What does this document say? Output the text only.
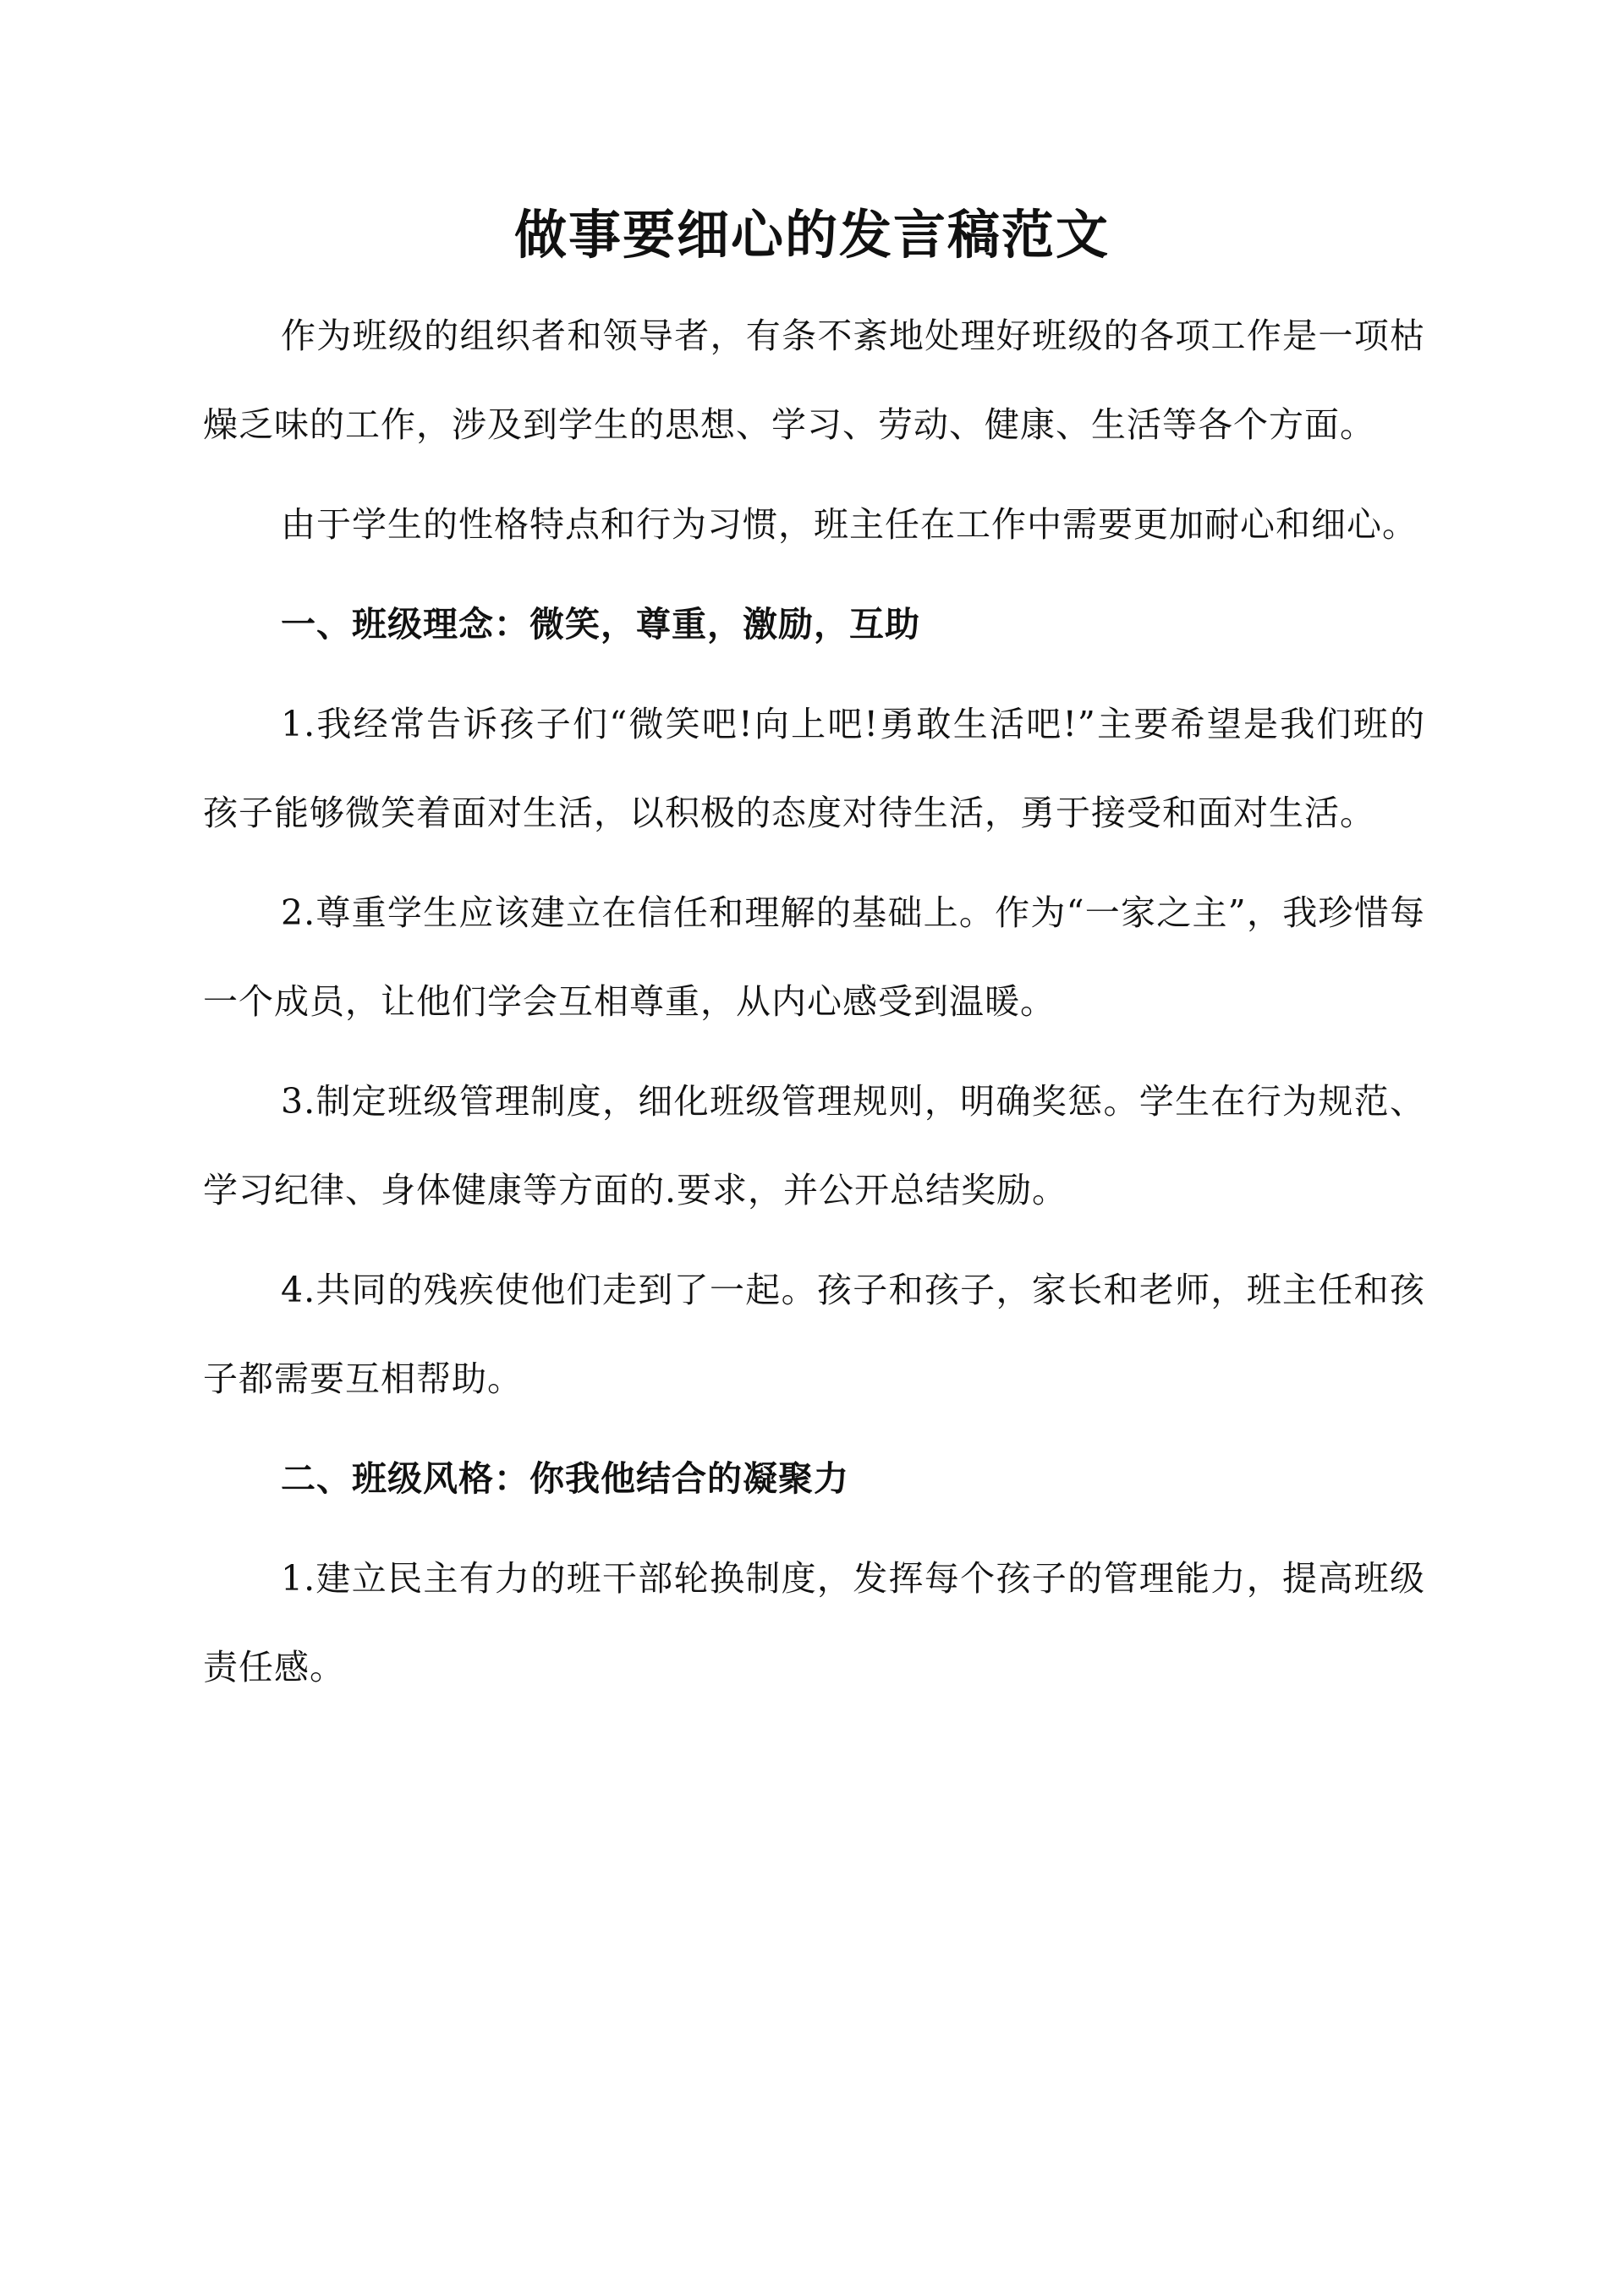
做事要细心的发言稿范文

作为班级的组织者和领导者，有条不紊地处理好班级的各项工作是一项枯燥乏味的工作，涉及到学生的思想、学习、劳动、健康、生活等各个方面。

由于学生的性格特点和行为习惯，班主任在工作中需要更加耐心和细心。

一、班级理念：微笑，尊重，激励，互助

1.我经常告诉孩子们“微笑吧!向上吧!勇敢生活吧!”主要希望是我们班的孩子能够微笑着面对生活，以积极的态度对待生活，勇于接受和面对生活。

2.尊重学生应该建立在信任和理解的基础上。作为“一家之主”，我珍惜每一个成员，让他们学会互相尊重，从内心感受到温暖。

3.制定班级管理制度，细化班级管理规则，明确奖惩。学生在行为规范、学习纪律、身体健康等方面的.要求，并公开总结奖励。

4.共同的残疾使他们走到了一起。孩子和孩子，家长和老师，班主任和孩子都需要互相帮助。

二、班级风格：你我他结合的凝聚力

1.建立民主有力的班干部轮换制度，发挥每个孩子的管理能力，提高班级责任感。
